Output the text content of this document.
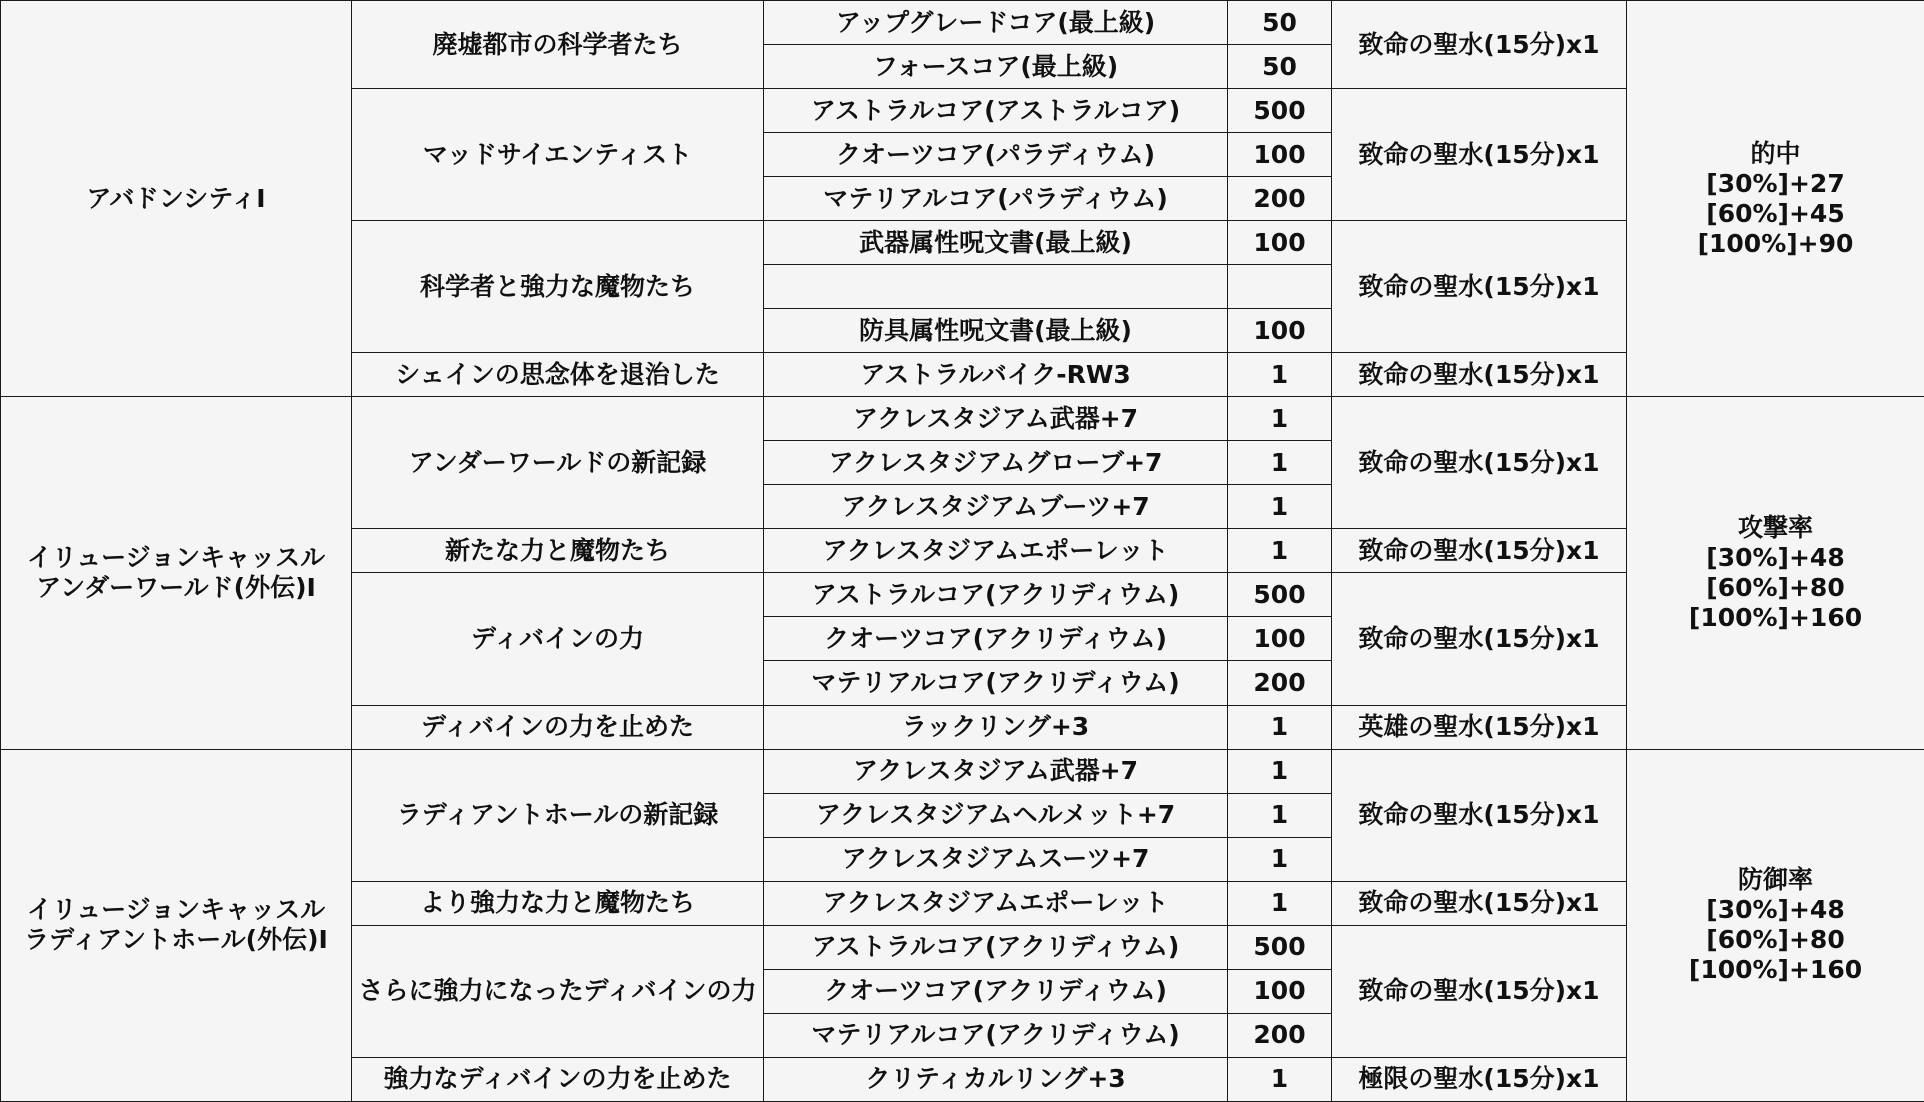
アバドンシティⅠ	廃墟都市の科学者たち	アップグレードコア(最上級)	50	致命の聖水(15分)x1	的中
[30%]+27
[60%]+45
[100%]+90

		フォースコア(最上級)	50		
	マッドサイエンティスト	アストラルコア(アストラルコア)	500	致命の聖水(15分)x1	
		クオーツコア(パラディウム)	100		
		マテリアルコア(パラディウム)	200		
	科学者と強力な魔物たち	武器属性呪文書(最上級)	100	致命の聖水(15分)x1	

		防具属性呪文書(最上級)	100		
	シェインの思念体を退治した	アストラルバイク-RW3	1	致命の聖水(15分)x1	

イリュージョンキャッスル
アンダーワールド(外伝)Ⅰ	アンダーワールドの新記録	アクレスタジアム武器+7	1	致命の聖水(15分)x1	攻撃率
[30%]+48
[60%]+80
[100%]+160

		アクレスタジアムグローブ+7	1		
		アクレスタジアムブーツ+7	1		
	新たな力と魔物たち	アクレスタジアムエポーレット	1	致命の聖水(15分)x1	
	ディバインの力	アストラルコア(アクリディウム)	500	致命の聖水(15分)x1	
		クオーツコア(アクリディウム)	100		
		マテリアルコア(アクリディウム)	200		
	ディバインの力を止めた	ラックリング+3	1	英雄の聖水(15分)x1	

イリュージョンキャッスル
ラディアントホール(外伝)Ⅰ	ラディアントホールの新記録	アクレスタジアム武器+7	1	致命の聖水(15分)x1	防御率
[30%]+48
[60%]+80
[100%]+160

		アクレスタジアムヘルメット+7	1		
		アクレスタジアムスーツ+7	1		
	より強力な力と魔物たち	アクレスタジアムエポーレット	1	致命の聖水(15分)x1	
	さらに強力になったディバインの力	アストラルコア(アクリディウム)	500	致命の聖水(15分)x1	
		クオーツコア(アクリディウム)	100		
		マテリアルコア(アクリディウム)	200		
	強力なディバインの力を止めた	クリティカルリング+3	1	極限の聖水(15分)x1	
